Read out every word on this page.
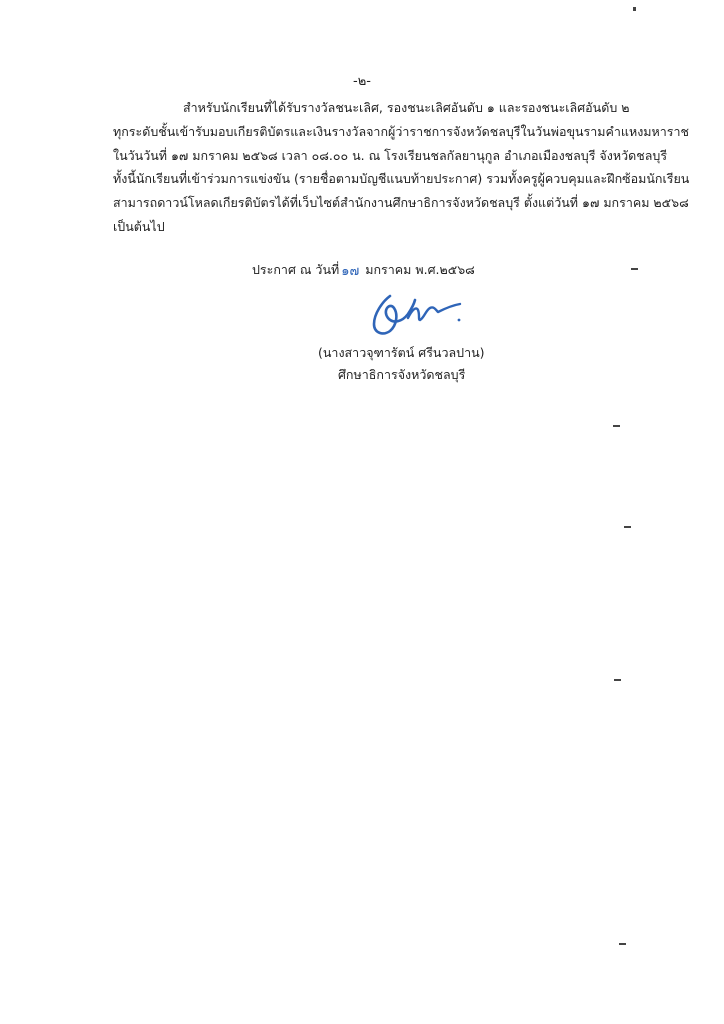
-๒-
สำหรับนักเรียนที่ได้รับรางวัลชนะเลิศ, รองชนะเลิศอันดับ ๑ และรองชนะเลิศอันดับ ๒
ทุกระดับชั้นเข้ารับมอบเกียรติบัตรและเงินรางวัลจากผู้ว่าราชการจังหวัดชลบุรีในวันพ่อขุนรามคำแหงมหาราช
ในวันวันที่ ๑๗ มกราคม ๒๕๖๘ เวลา ๐๘.๐๐ น. ณ โรงเรียนชลกัลยานุกูล อำเภอเมืองชลบุรี จังหวัดชลบุรี
ทั้งนี้นักเรียนที่เข้าร่วมการแข่งขัน (รายชื่อตามบัญชีแนบท้ายประกาศ) รวมทั้งครูผู้ควบคุมและฝึกซ้อมนักเรียน
สามารถดาวน์โหลดเกียรติบัตรได้ที่เว็บไซต์สำนักงานศึกษาธิการจังหวัดชลบุรี ตั้งแต่วันที่ ๑๗ มกราคม ๒๕๖๘
เป็นต้นไป
ประกาศ ณ วันที่ ๑๗ มกราคม พ.ศ.๒๕๖๘
(นางสาวจุฑารัตน์ ศรีนวลปาน)
ศึกษาธิการจังหวัดชลบุรี
